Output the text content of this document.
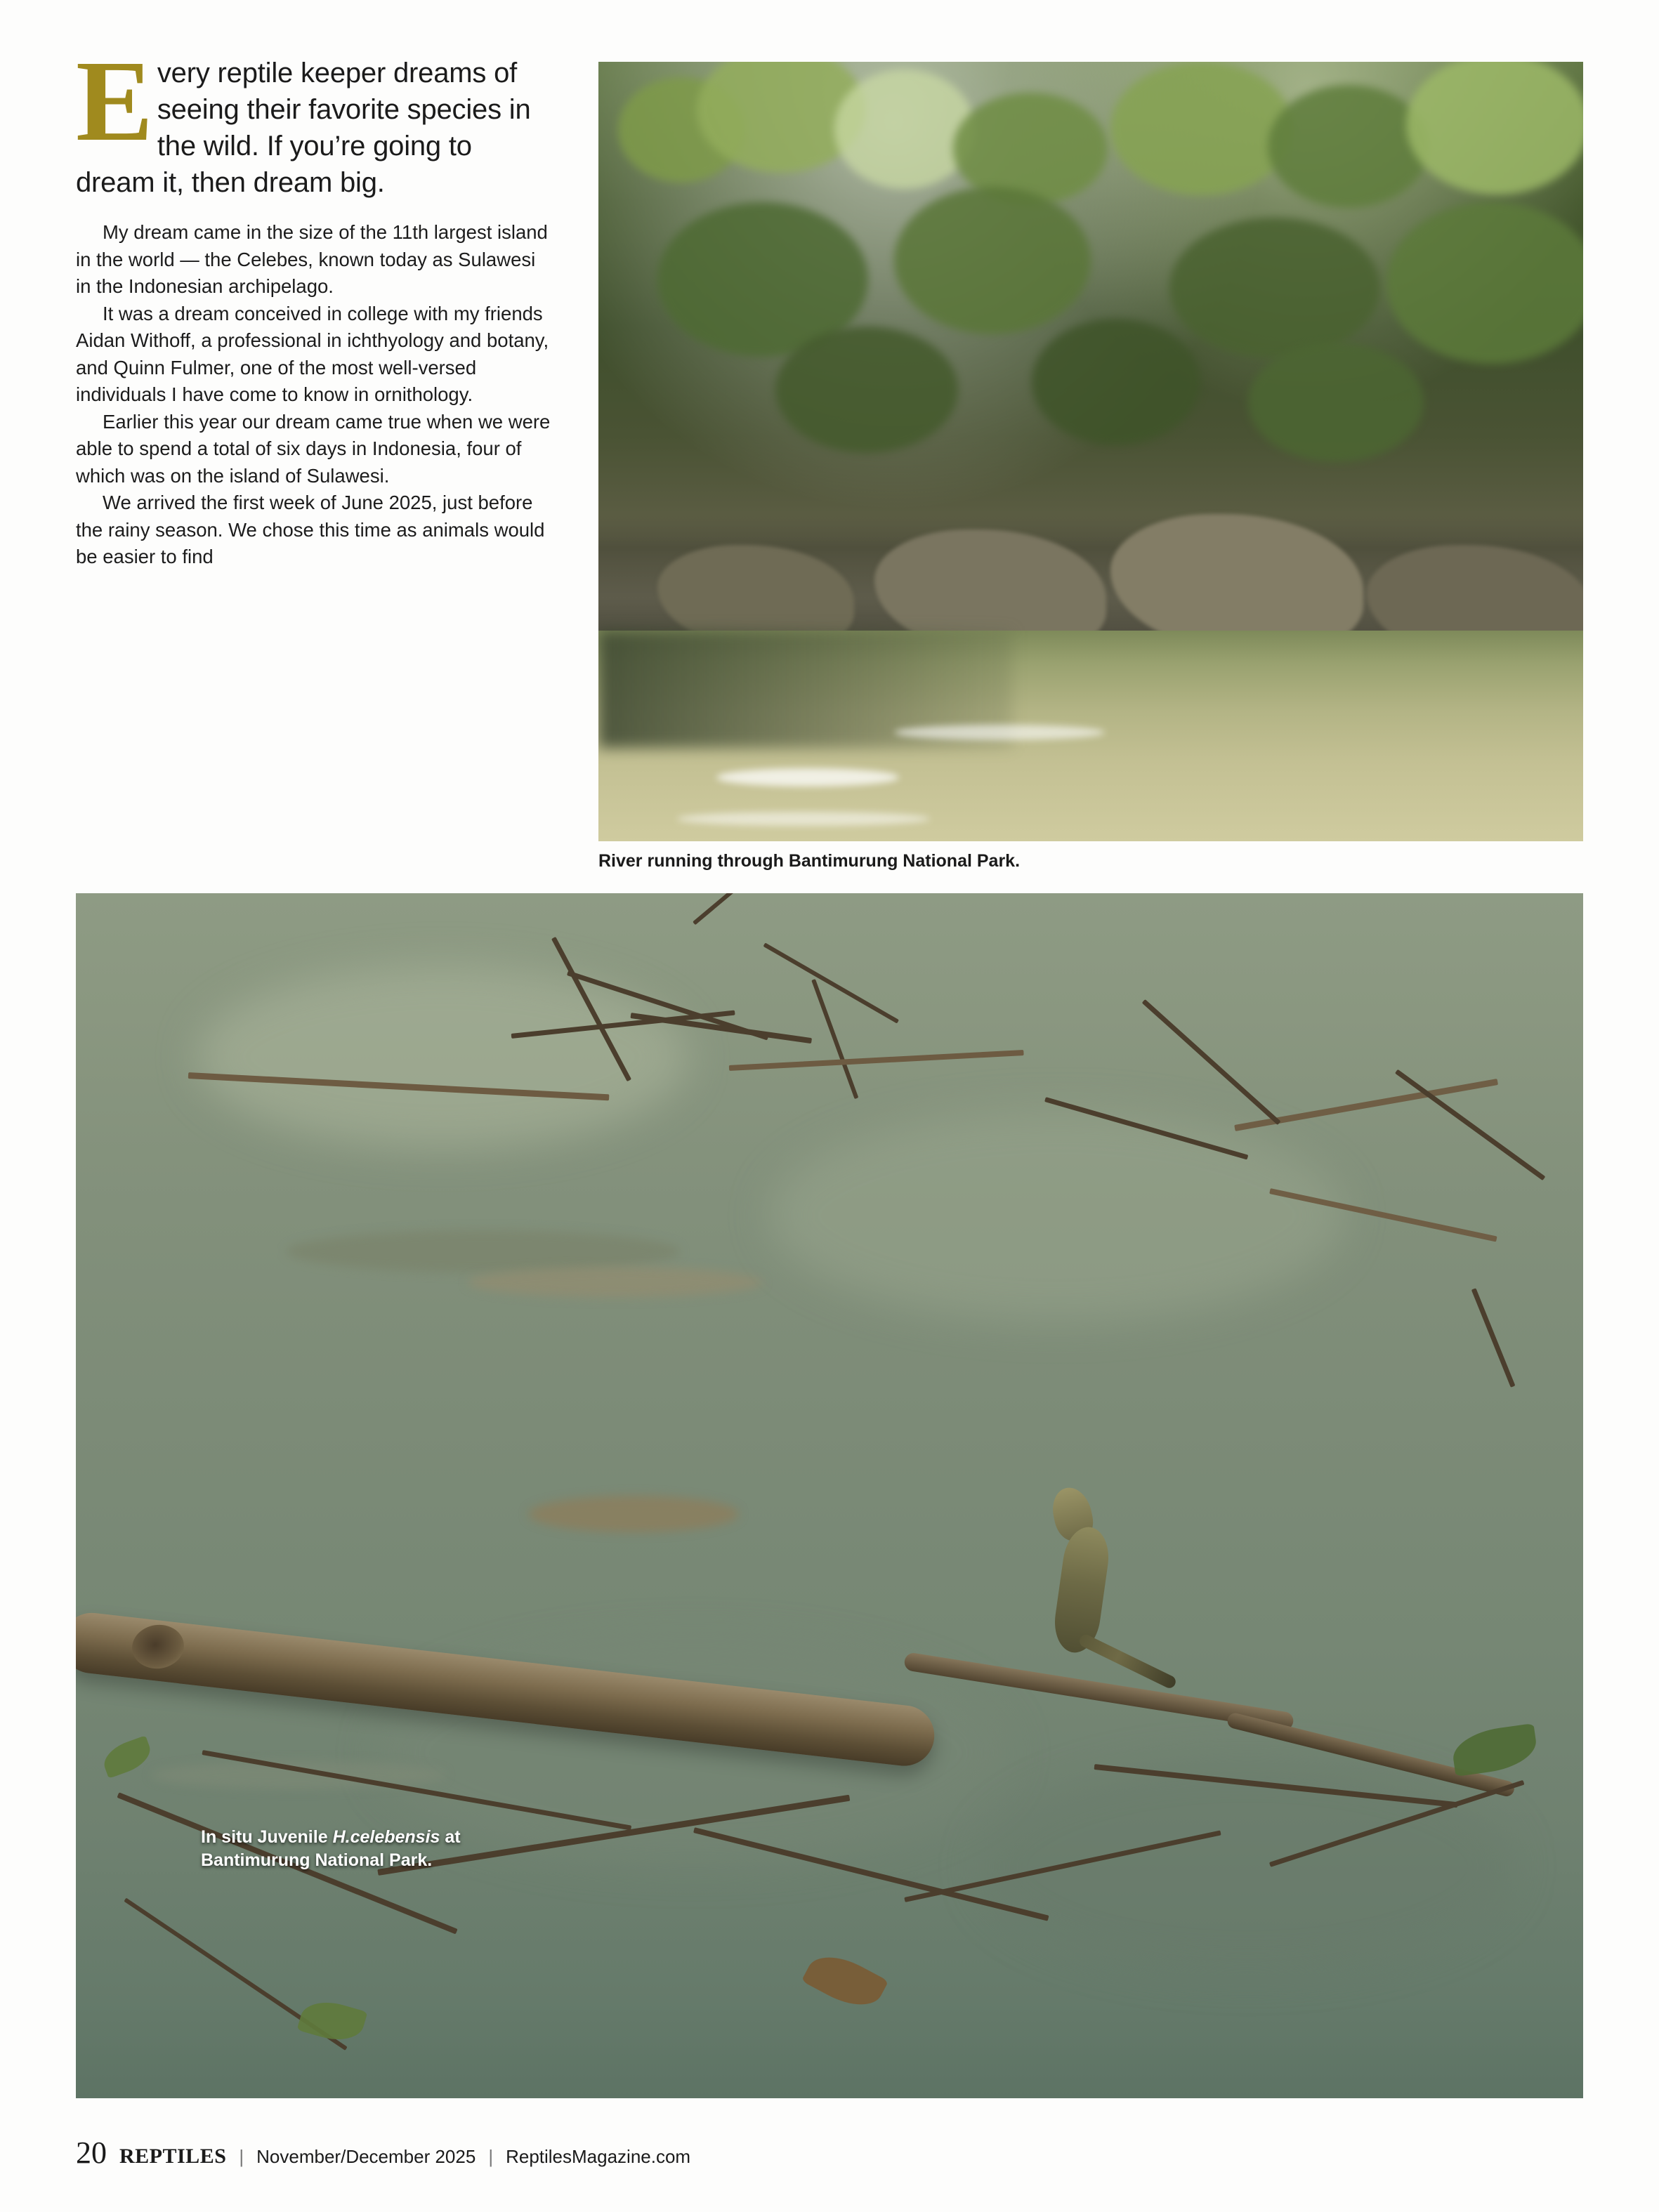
Every reptile keeper dreams of seeing their favorite species in the wild. If you’re going to dream it, then dream big.

My dream came in the size of the 11th largest island in the world — the Celebes, known today as Sulawesi in the Indonesian archipelago.

It was a dream conceived in college with my friends Aidan Withoff, a professional in ichthyology and botany, and Quinn Fulmer, one of the most well-versed individuals I have come to know in ornithology.

Earlier this year our dream came true when we were able to spend a total of six days in Indonesia, four of which was on the island of Sulawesi.

We arrived the first week of June 2025, just before the rainy season. We chose this time as animals would be easier to find

River running through Bantimurung National Park.
In situ Juvenile H.celebensis at
Bantimurung National Park.
20 REPTILES | November/December 2025 | ReptilesMagazine.com
